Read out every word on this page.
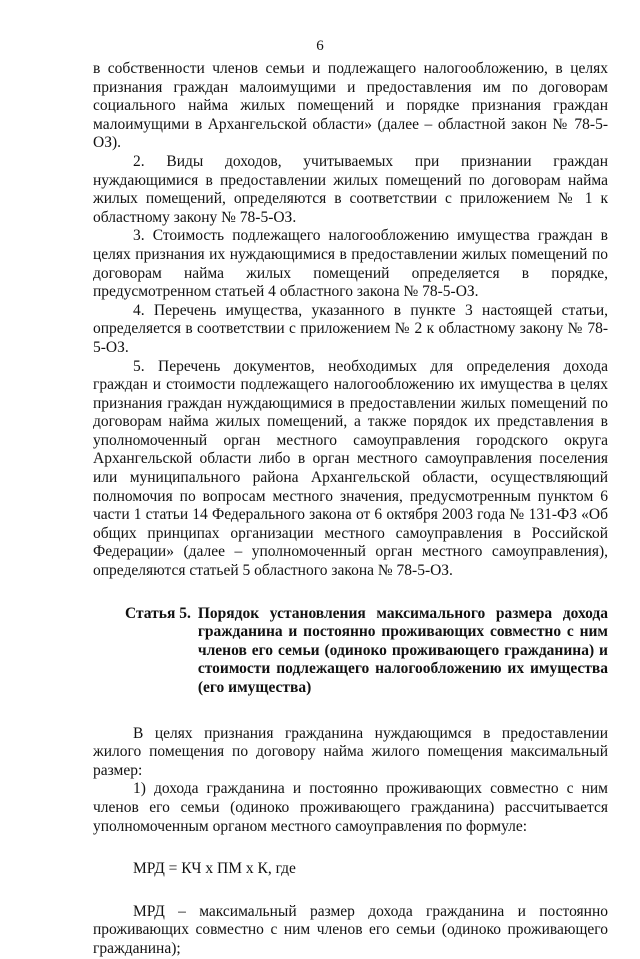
6

в собственности членов семьи и подлежащего налогообложению, в целях признания граждан малоимущими и предоставления им по договорам социального найма жилых помещений и порядке признания граждан малоимущими в Архангельской области» (далее – областной закон № 78-5-ОЗ).

2. Виды доходов, учитываемых при признании граждан нуждающимися в предоставлении жилых помещений по договорам найма жилых помещений, определяются в соответствии с приложением № 1 к областному закону № 78-5-ОЗ.

3. Стоимость подлежащего налогообложению имущества граждан в целях признания их нуждающимися в предоставлении жилых помещений по договорам найма жилых помещений определяется в порядке, предусмотренном статьей 4 областного закона № 78-5-ОЗ.

4. Перечень имущества, указанного в пункте 3 настоящей статьи, определяется в соответствии с приложением № 2 к областному закону № 78-5-ОЗ.

5. Перечень документов, необходимых для определения дохода граждан и стоимости подлежащего налогообложению их имущества в целях признания граждан нуждающимися в предоставлении жилых помещений по договорам найма жилых помещений, а также порядок их представления в уполномоченный орган местного самоуправления городского округа Архангельской области либо в орган местного самоуправления поселения или муниципального района Архангельской области, осуществляющий полномочия по вопросам местного значения, предусмотренным пунктом 6 части 1 статьи 14 Федерального закона от 6 октября 2003 года № 131-ФЗ «Об общих принципах организации местного самоуправления в Российской Федерации» (далее – уполномоченный орган местного самоуправления), определяются статьей 5 областного закона № 78-5-ОЗ.

Статья 5. Порядок установления максимального размера дохода гражданина и постоянно проживающих совместно с ним членов его семьи (одиноко проживающего гражданина) и стоимости подлежащего налогообложению их имущества (его имущества)

В целях признания гражданина нуждающимся в предоставлении жилого помещения по договору найма жилого помещения максимальный размер:

1) дохода гражданина и постоянно проживающих совместно с ним членов его семьи (одиноко проживающего гражданина) рассчитывается уполномоченным органом местного самоуправления по формуле:

МРД = КЧ х ПМ х К, где

МРД – максимальный размер дохода гражданина и постоянно проживающих совместно с ним членов его семьи (одиноко проживающего гражданина);
